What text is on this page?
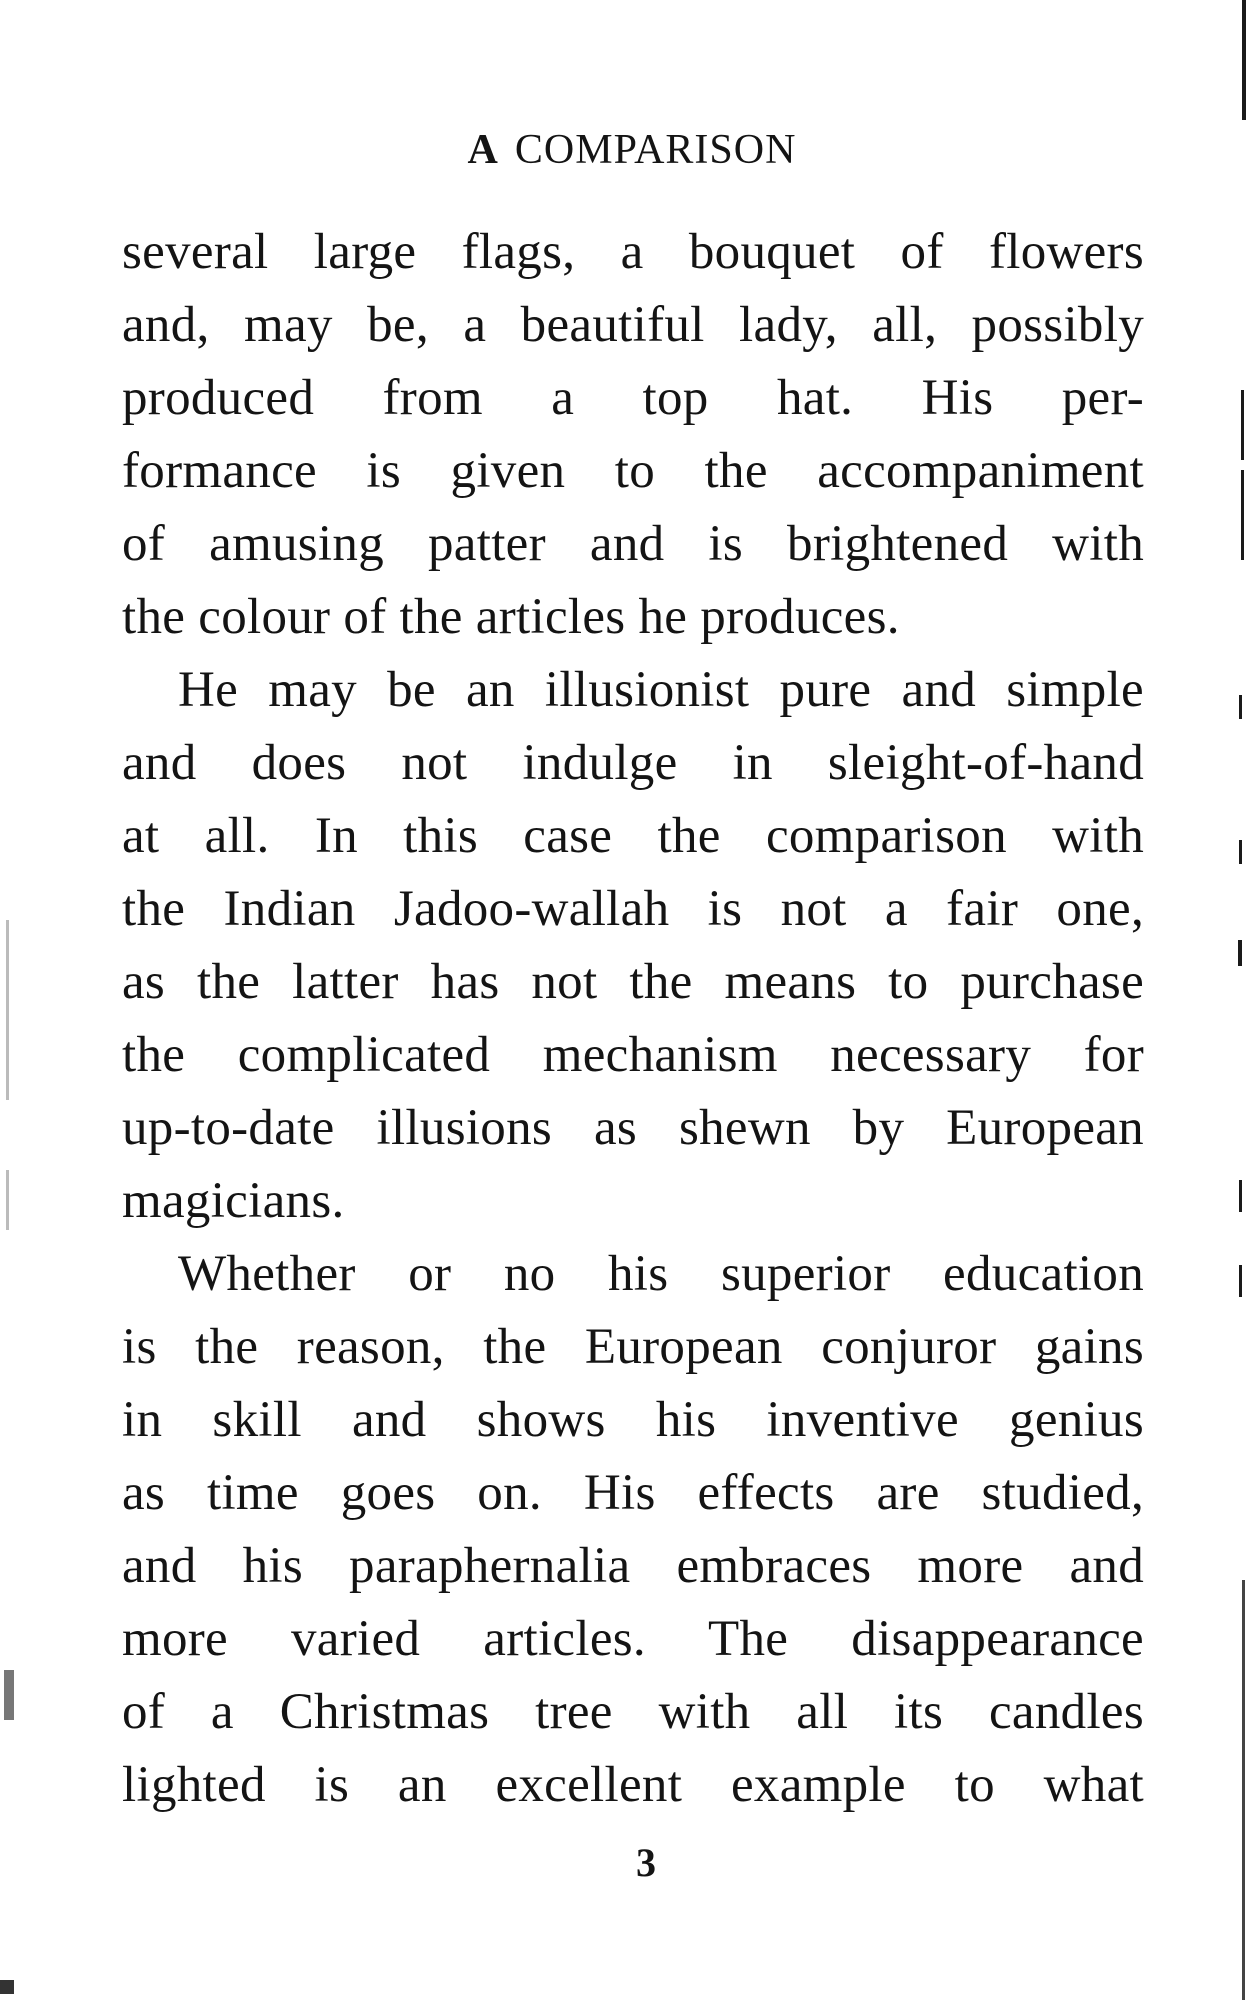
A COMPARISON
several large flags, a bouquet of flowers
and, may be, a beautiful lady, all, possibly
produced from a top hat. His per-
formance is given to the accompaniment
of amusing patter and is brightened with
the colour of the articles he produces.
He may be an illusionist pure and simple
and does not indulge in sleight-of-hand
at all. In this case the comparison with
the Indian Jadoo-wallah is not a fair one,
as the latter has not the means to purchase
the complicated mechanism necessary for
up-to-date illusions as shewn by European
magicians.
Whether or no his superior education
is the reason, the European conjuror gains
in skill and shows his inventive genius
as time goes on. His effects are studied,
and his paraphernalia embraces more and
more varied articles. The disappearance
of a Christmas tree with all its candles
lighted is an excellent example to what
3
